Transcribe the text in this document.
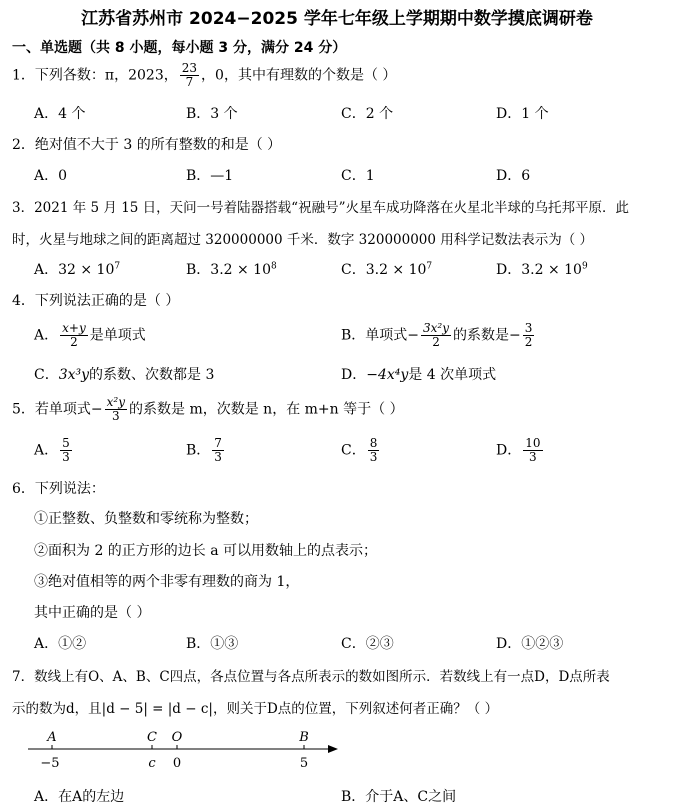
江苏省苏州市 2024−2025 学年七年级上学期期中数学摸底调研卷
一、单选题（共 8 小题，每小题 3 分，满分 24 分）
1．下列各数：π，2023， $\frac{23}{7}$ ，0，其中有理数的个数是（ ）
A．4 个	B．3 个	C．2 个	D．1 个
2．绝对值不大于 3 的所有整数的和是（ ）
A．0	B．—1	C．1	D．6
3．2021 年 5 月 15 日，天问一号着陆器搭载“祝融号”火星车成功降落在火星北半球的乌托邦平原．此
时，火星与地球之间的距离超过 320000000 千米．数字 320000000 用科学记数法表示为（ ）
A．$32 \times 10^7$	B．$3.2 \times 10^8$	C．$3.2 \times 10^7$	D．$3.2 \times 10^9$
4．下列说法正确的是（ ）
A． $\frac{x+y}{2}$ 是单项式	B．单项式− $\frac{\text{3x²y}}{2}$ 的系数是− $\frac{3}{2}$
C．3x³y的系数、次数都是 3	D．−4x⁴y是 4 次单项式
5．若单项式− $\frac{\text{x²y}}{3}$ 的系数是 m，次数是 n，在 m+n 等于（ ）
A． $\frac{5}{3}$	B． $\frac{7}{3}$	C． $\frac{8}{3}$	D． $\frac{10}{3}$
6．下列说法：
①正整数、负整数和零统称为整数；
②面积为 2 的正方形的边长 a 可以用数轴上的点表示；
③绝对值相等的两个非零有理数的商为 1，
其中正确的是（ ）
A．①②	B．①③	C．②③	D．①②③
7．数线上有O、A、B、C四点，各点位置与各点所表示的数如图所示．若数线上有一点D，D点所表
示的数为d，且|d − 5| = |d − c|，则关于D点的位置，下列叙述何者正确？（ ）
A	C O	B
−5	c 0	5
A．在A的左边	B．介于A、C之间
